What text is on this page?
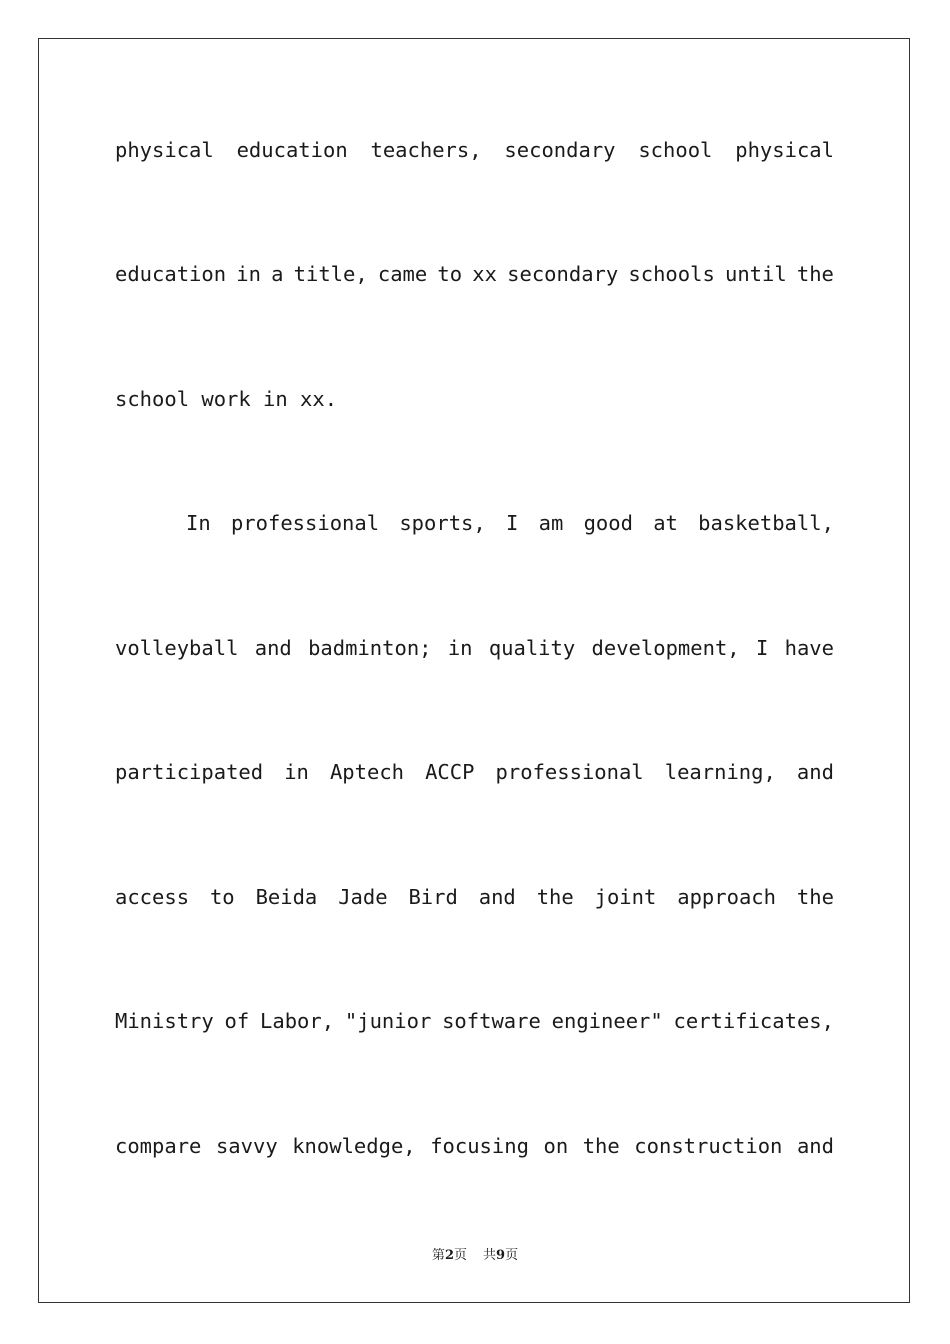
physical education teachers, secondary school physical
education in a title, came to xx secondary schools until the
school work in xx.
In professional sports, I am good at basketball,
volleyball and badminton; in quality development, I have
participated in Aptech ACCP professional learning, and
access to Beida Jade Bird and the joint approach the
Ministry of Labor, "junior software engineer" certificates,
compare savvy knowledge, focusing on the construction and
第2页 共9页
